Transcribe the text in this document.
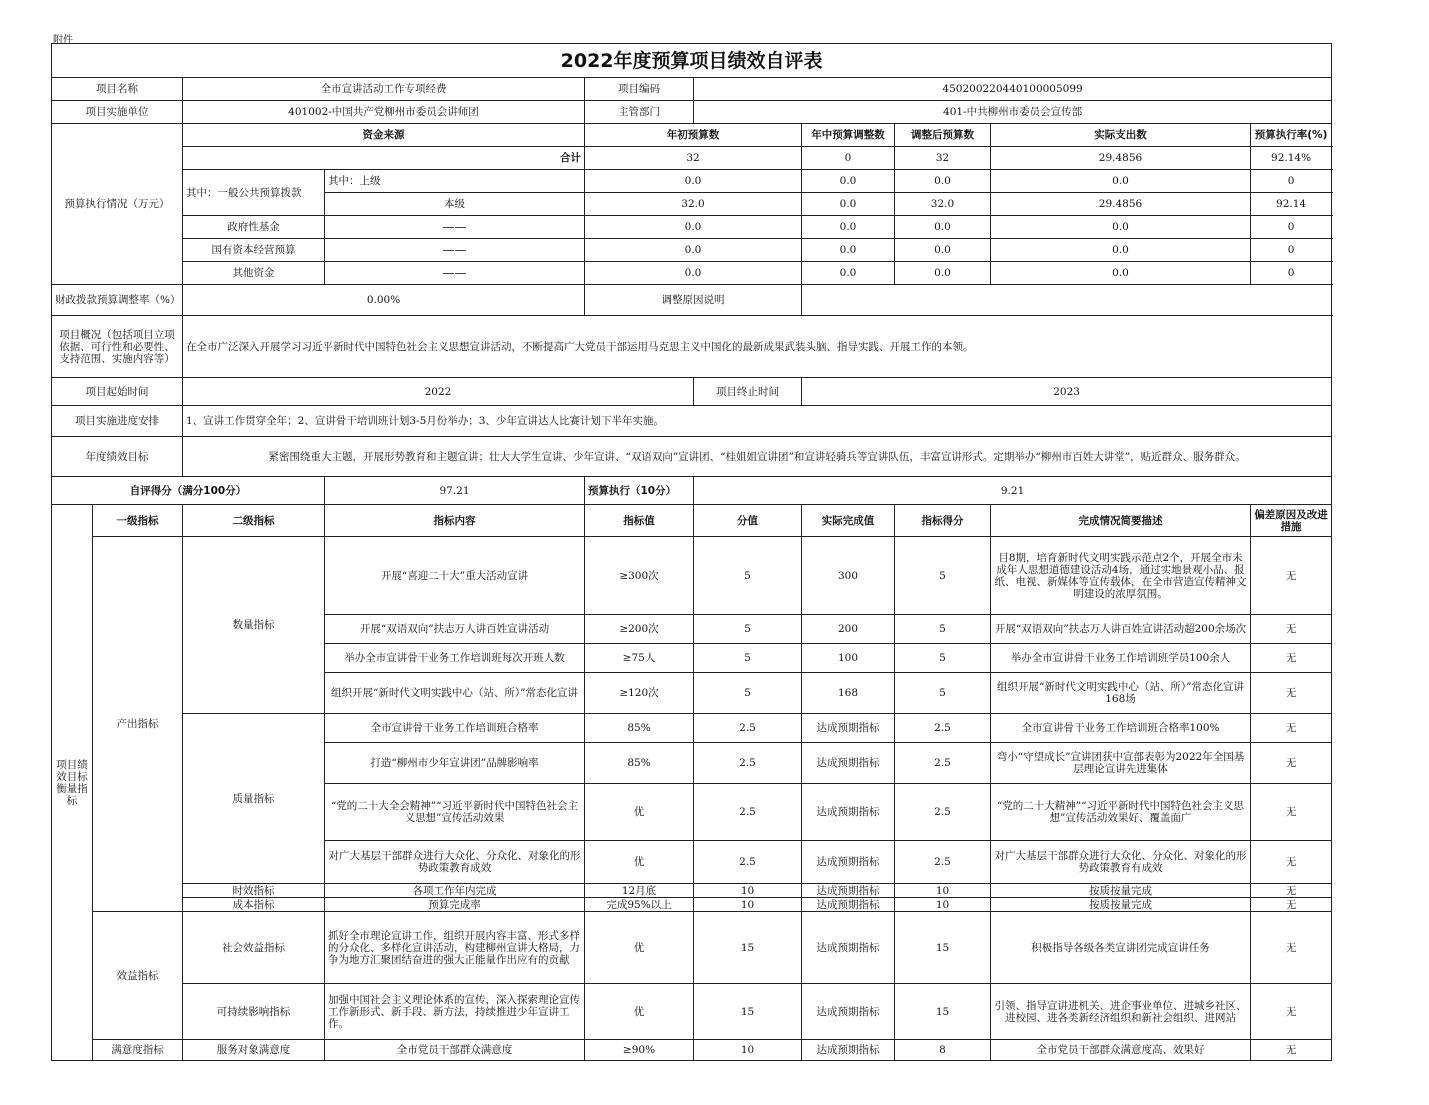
附件
2022年度预算项目绩效自评表									
项目名称		全市宣讲活动工作专项经费		项目编码	450200220440100005099				
项目实施单位		401002-中国共产党柳州市委员会讲师团		主管部门	401-中共柳州市委员会宣传部				
预算执行情况（万元）		资金来源		年初预算数		年中预算调整数	调整后预算数	实际支出数	预算执行率(%)
		合计		32		0	32	29.4856	92.14%
		其中：一般公共预算拨款	其中：上级	0.0		0.0	0.0	0.0	0
			本级	32.0		0.0	32.0	29.4856	92.14
		政府性基金	——	0.0		0.0	0.0	0.0	0
		国有资本经营预算	——	0.0		0.0	0.0	0.0	0
		其他资金	——	0.0		0.0	0.0	0.0	0
财政拨款预算调整率（%）		0.00%		调整原因说明					
项目概况（包括项目立项依据、可行性和必要性、支持范围、实施内容等）		在全市广泛深入开展学习习近平新时代中国特色社会主义思想宣讲活动，不断提高广大党员干部运用马克思主义中国化的最新成果武装头脑、指导实践、开展工作的本领。							
项目起始时间		2022			项目终止时间	2023			
项目实施进度安排		1、宣讲工作贯穿全年；2、宣讲骨干培训班计划3-5月份举办；3、少年宣讲达人比赛计划下半年实施。							
年度绩效目标		紧密围绕重大主题，开展形势教育和主题宣讲；壮大大学生宣讲、少年宣讲、“双语双向”宣讲团、“桂姐姐宣讲团”和宣讲轻骑兵等宣讲队伍，丰富宣讲形式。定期举办“柳州市百姓大讲堂”，贴近群众、服务群众。							
自评得分（满分100分）			97.21	预算执行（10分）	9.21				
项目绩效目标衡量指标	一级指标	二级指标	指标内容	指标值	分值	实际完成值	指标得分	完成情况简要描述	偏差原因及改进措施
	产出指标	数量指标	开展“喜迎二十大”重大活动宣讲	≥300次	5	300	5	目8期，培育新时代文明实践示范点2个，开展全市未成年人思想道德建设活动4场，通过实地景观小品、报纸、电视、新媒体等宣传载体，在全市营造宣传精神文明建设的浓厚氛围。	无
			开展“双语双向”扶志万人讲百姓宣讲活动	≥200次	5	200	5	开展“双语双向”扶志万人讲百姓宣讲活动超200余场次	无
			举办全市宣讲骨干业务工作培训班每次开班人数	≥75人	5	100	5	举办全市宣讲骨干业务工作培训班学员100余人	无
			组织开展“新时代文明实践中心（站、所）”常态化宣讲	≥120次	5	168	5	组织开展“新时代文明实践中心（站、所）”常态化宣讲168场	无
		质量指标	全市宣讲骨干业务工作培训班合格率	85%	2.5	达成预期指标	2.5	全市宣讲骨干业务工作培训班合格率100%	无
			打造“柳州市少年宣讲团”品牌影响率	85%	2.5	达成预期指标	2.5	弯小“守望成长”宣讲团获中宣部表彰为2022年全国基层理论宣讲先进集体	无
			“党的二十大全会精神”“习近平新时代中国特色社会主义思想”宣传活动效果	优	2.5	达成预期指标	2.5	“党的二十大精神”“习近平新时代中国特色社会主义思想”宣传活动效果好、覆盖面广	无
			对广大基层干部群众进行大众化、分众化、对象化的形势政策教育成效	优	2.5	达成预期指标	2.5	对广大基层干部群众进行大众化、分众化、对象化的形势政策教育有成效	无
		时效指标	各项工作年内完成	12月底	10	达成预期指标	10	按质按量完成	无
		成本指标	预算完成率	完成95%以上	10	达成预期指标	10	按质按量完成	无
	效益指标	社会效益指标	抓好全市理论宣讲工作，组织开展内容丰富、形式多样的分众化、多样化宣讲活动，构建柳州宣讲大格局，力争为地方汇聚团结奋进的强大正能量作出应有的贡献	优	15	达成预期指标	15	积极指导各级各类宣讲团完成宣讲任务	无
		可持续影响指标	加强中国社会主义理论体系的宣传，深入探索理论宣传工作新形式、新手段、新方法，持续推进少年宣讲工作。	优	15	达成预期指标	15	引领、指导宣讲进机关、进企事业单位、进城乡社区、进校园、进各类新经济组织和新社会组织、进网站	无
	满意度指标	服务对象满意度	全市党员干部群众满意度	≥90%	10	达成预期指标	8	全市党员干部群众满意度高、效果好	无
